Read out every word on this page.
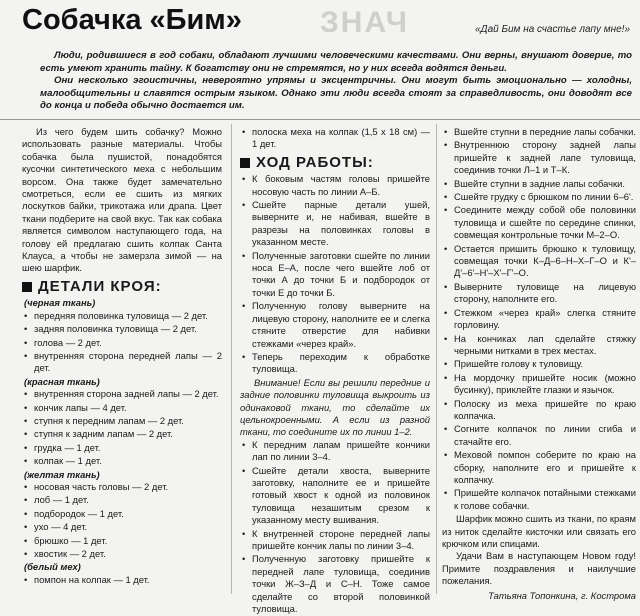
ЗНАЧ
Собачка «Бим»	«Дай Бим на счастье лапу мне!»

Люди, родившиеся в год собаки, обладают лучшими человеческими качествами. Они верны, внушают доверие, то есть умеют хранить тайну. К богатству они не стремятся, но у них всегда водятся деньги.

Они несколько эгоистичны, невероятно упрямы и эксцентричны. Они могут быть эмоционально — холодны, малообщительны и славятся острым языком. Однако эти люди всегда стоят за справедливость, они доводят все до конца и победа обычно достается им.

Из чего будем шить собачку? Можно использовать разные материалы. Чтобы собачка была пушистой, понадобятся кусочки синтетического меха с небольшим ворсом. Она также будет замечательно смотреться, если ее сшить из мягких лоскутков байки, трикотажа или драпа. Цвет ткани подберите на свой вкус. Так как собака является символом наступающего года, на голову ей предлагаю сшить колпак Санта Клауса, а чтобы не замерзла зимой — на шею шарфик.

ДЕТАЛИ КРОЯ:
(черная ткань)
• передняя половинка туловища — 2 дет.
• задняя половинка туловища — 2 дет.
• голова — 2 дет.
• внутренняя сторона передней лапы — 2 дет.
(красная ткань)
• внутренняя сторона задней лапы — 2 дет.
• кончик лапы — 4 дет.
• ступня к передним лапам — 2 дет.
• ступня к задним лапам — 2 дет.
• грудка — 1 дет.
• колпак — 1 дет.
(желтая ткань)
• носовая часть головы — 2 дет.
• лоб — 1 дет.
• подбородок — 1 дет.
• ухо — 4 дет.
• брюшко — 1 дет.
• хвостик — 2 дет.
(белый мех)
• помпон на колпак — 1 дет.
• полоска меха на колпак (1,5 х 18 см) — 1 дет.
ХОД РАБОТЫ:
• К боковым частям головы пришейте носовую часть по линии А–Б.
• Сшейте парные детали ушей, выверните и, не набивая, вшейте в разрезы на половинках головы в указанном месте.
• Полученные заготовки сшейте по линии носа Е–А, после чего вшейте лоб от точки А до точки Б и подбородок от точки Е до точки Б.
• Полученную голову выверните на лицевую сторону, наполните ее и слегка стяните отверстие для набивки стежками «через край».
• Теперь переходим к обработке туловища.

Внимание! Если вы решили передние и задние половинки туловища выкроить из одинаковой ткани, то сделайте их цельнокроенными. А если из разной ткани, то соедините их по линии 1–2.

• К передним лапам пришейте кончики лап по линии 3–4.
• Сшейте детали хвоста, выверните заготовку, наполните ее и пришейте готовый хвост к одной из половинок туловища незашитым срезом к указанному месту вшивания.
• К внутренней стороне передней лапы пришейте кончик лапы по линии 3–4.
• Полученную заготовку пришейте к передней лапе туловища, соединив точки Ж–З–Д и С–Н. Тоже самое сделайте со второй половинкой туловища.
• Вшейте ступни в передние лапы собачки.
• Внутреннюю сторону задней лапы пришейте к задней лапе туловища, соединив точки Л–1 и Т–К.
• Вшейте ступни в задние лапы собачки.
• Сшейте грудку с брюшком по линии 6–6'.
• Соедините между собой обе половинки туловища и сшейте по середине спинки, совмещая контрольные точки М–2–О.
• Остается пришить брюшко к туловищу, совмещая точки К–Д–6–Н–Х–Г–О и К'–Д'–6'–Н'–Х'–Г'–О.
• Выверните туловище на лицевую сторону, наполните его.
• Стежком «через край» слегка стяните горловину.
• На кончиках лап сделайте стяжку черными нитками в трех местах.
• Пришейте голову к туловищу.
• На мордочку пришейте носик (можно бусинку), приклейте глазки и язычок.
• Полоску из меха пришейте по краю колпачка.
• Согните колпачок по линии сгиба и стачайте его.
• Меховой помпон соберите по краю на сборку, наполните его и пришейте к колпачку.
• Пришейте колпачок потайными стежками к голове собачки.

Шарфик можно сшить из ткани, по краям из ниток сделайте кисточки или связать его крючком или спицами.

Удачи Вам в наступающем Новом году! Примите поздравления и наилучшие пожелания.

Татьяна Топонкина, г. Кострома
